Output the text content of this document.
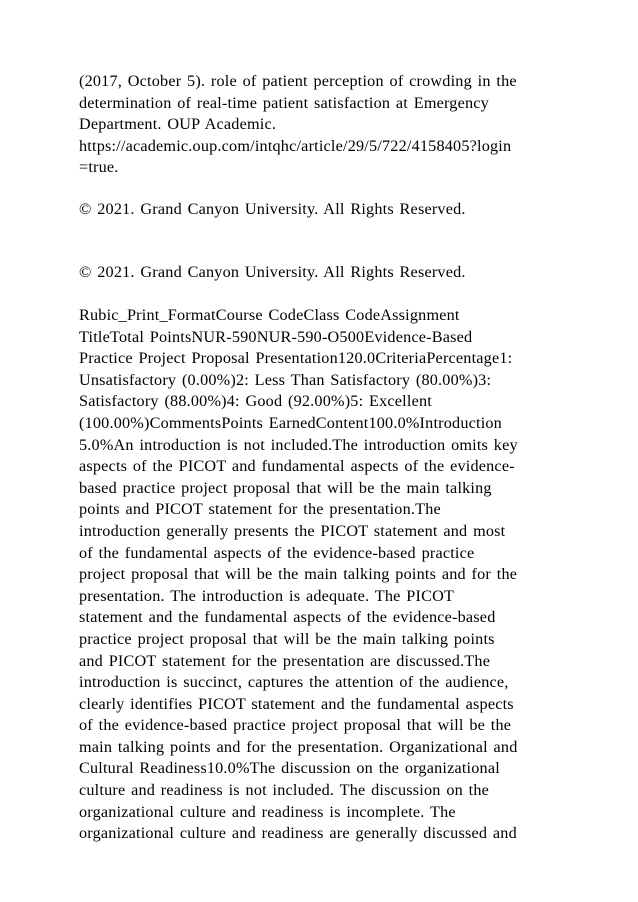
(2017, October 5). role of patient perception of crowding in the
determination of real-time patient satisfaction at Emergency
Department. OUP Academic.
https://academic.oup.com/intqhc/article/29/5/722/4158405?login
=true.
© 2021. Grand Canyon University. All Rights Reserved.
© 2021. Grand Canyon University. All Rights Reserved.
Rubic_Print_FormatCourse CodeClass CodeAssignment
TitleTotal PointsNUR-590NUR-590-O500Evidence-Based
Practice Project Proposal Presentation120.0CriteriaPercentage1:
Unsatisfactory (0.00%)2: Less Than Satisfactory (80.00%)3:
Satisfactory (88.00%)4: Good (92.00%)5: Excellent
(100.00%)CommentsPoints EarnedContent100.0%Introduction
5.0%An introduction is not included.The introduction omits key
aspects of the PICOT and fundamental aspects of the evidence-
based practice project proposal that will be the main talking
points and PICOT statement for the presentation.The
introduction generally presents the PICOT statement and most
of the fundamental aspects of the evidence-based practice
project proposal that will be the main talking points and for the
presentation. The introduction is adequate. The PICOT
statement and the fundamental aspects of the evidence-based
practice project proposal that will be the main talking points
and PICOT statement for the presentation are discussed.The
introduction is succinct, captures the attention of the audience,
clearly identifies PICOT statement and the fundamental aspects
of the evidence-based practice project proposal that will be the
main talking points and for the presentation. Organizational and
Cultural Readiness10.0%The discussion on the organizational
culture and readiness is not included. The discussion on the
organizational culture and readiness is incomplete. The
organizational culture and readiness are generally discussed and
